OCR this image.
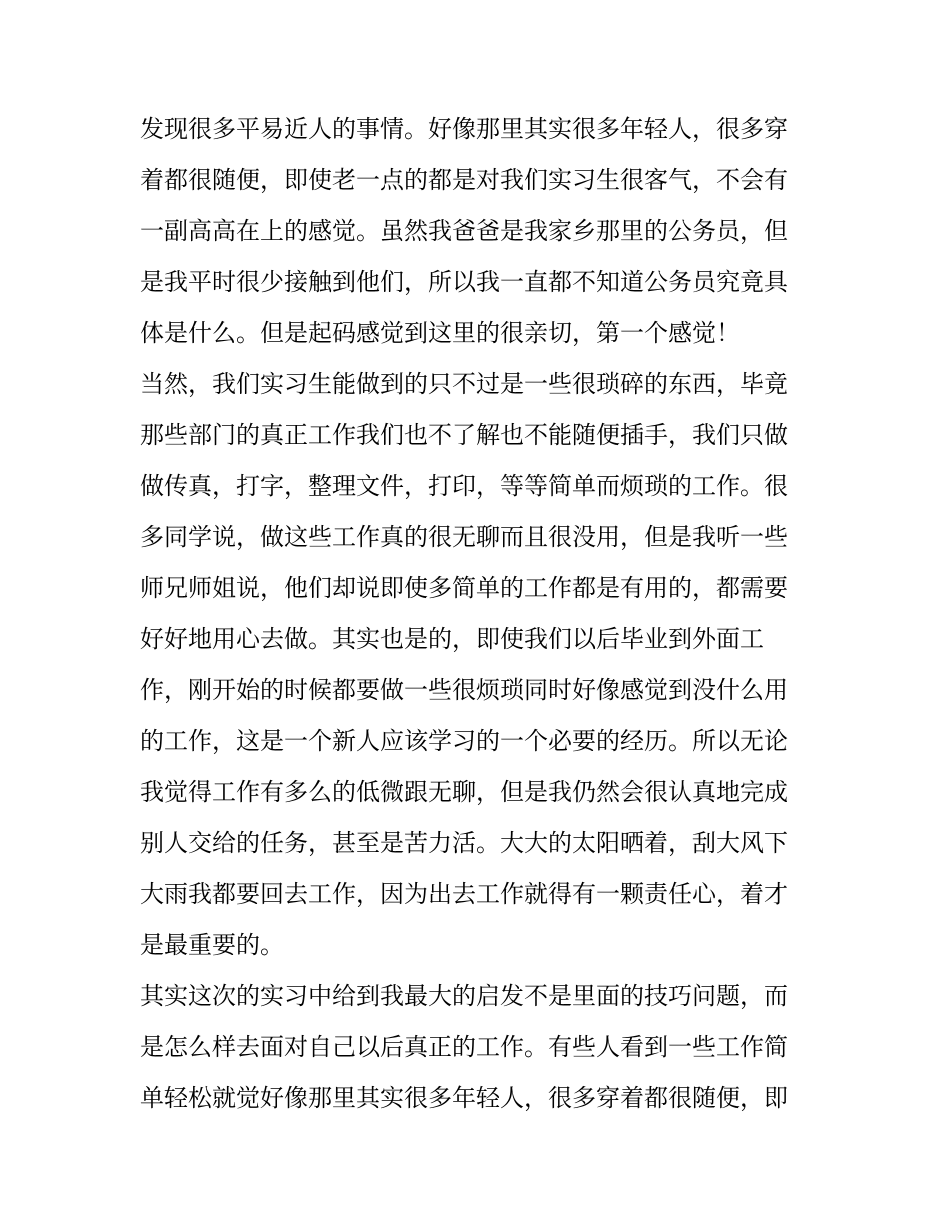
发现很多平易近人的事情。好像那里其实很多年轻人，很多穿
着都很随便，即使老一点的都是对我们实习生很客气，不会有
一副高高在上的感觉。虽然我爸爸是我家乡那里的公务员，但
是我平时很少接触到他们，所以我一直都不知道公务员究竟具
体是什么。但是起码感觉到这里的很亲切，第一个感觉！
当然，我们实习生能做到的只不过是一些很琐碎的东西，毕竟
那些部门的真正工作我们也不了解也不能随便插手，我们只做
做传真，打字，整理文件，打印，等等简单而烦琐的工作。很
多同学说，做这些工作真的很无聊而且很没用，但是我听一些
师兄师姐说，他们却说即使多简单的工作都是有用的，都需要
好好地用心去做。其实也是的，即使我们以后毕业到外面工
作，刚开始的时候都要做一些很烦琐同时好像感觉到没什么用
的工作，这是一个新人应该学习的一个必要的经历。所以无论
我觉得工作有多么的低微跟无聊，但是我仍然会很认真地完成
别人交给的任务，甚至是苦力活。大大的太阳晒着，刮大风下
大雨我都要回去工作，因为出去工作就得有一颗责任心，着才
是最重要的。
其实这次的实习中给到我最大的启发不是里面的技巧问题，而
是怎么样去面对自己以后真正的工作。有些人看到一些工作简
单轻松就觉好像那里其实很多年轻人，很多穿着都很随便，即
